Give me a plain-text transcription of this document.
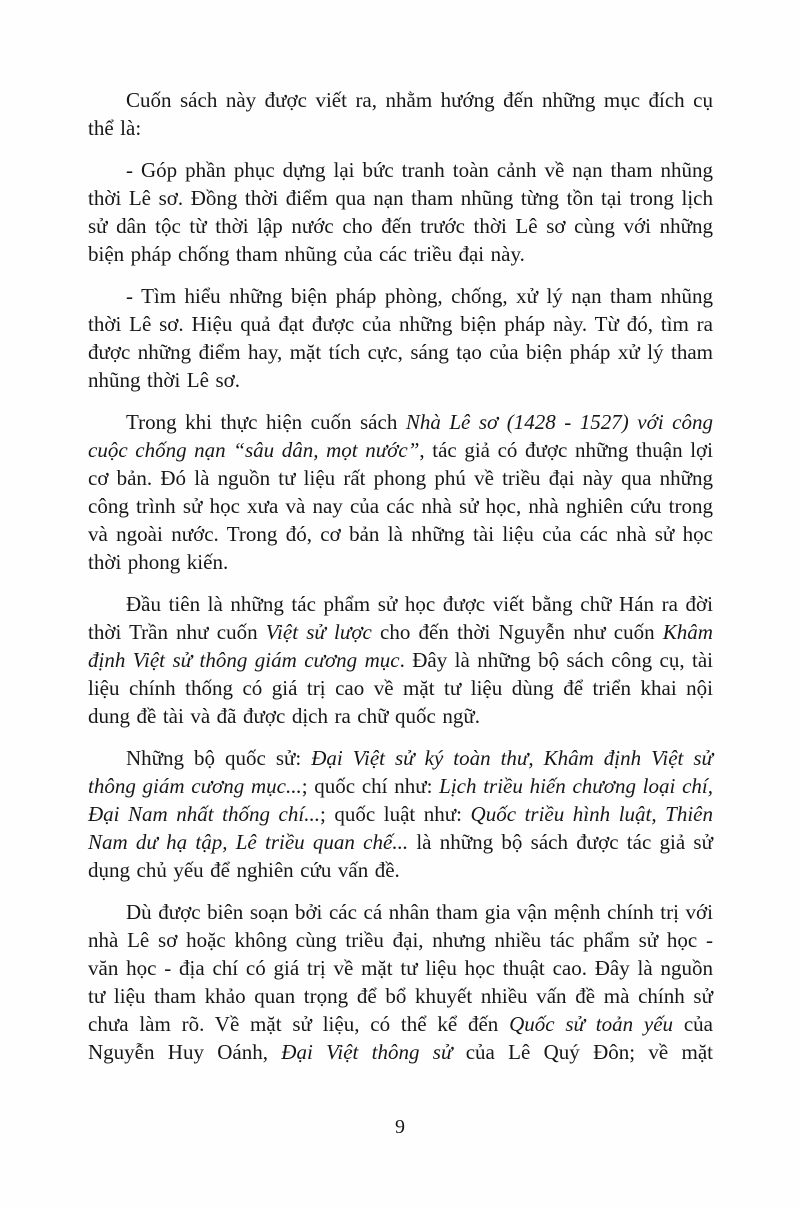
Cuốn sách này được viết ra, nhằm hướng đến những mục đích cụ thể là:

- Góp phần phục dựng lại bức tranh toàn cảnh về nạn tham nhũng thời Lê sơ. Đồng thời điểm qua nạn tham nhũng từng tồn tại trong lịch sử dân tộc từ thời lập nước cho đến trước thời Lê sơ cùng với những biện pháp chống tham nhũng của các triều đại này.

- Tìm hiểu những biện pháp phòng, chống, xử lý nạn tham nhũng thời Lê sơ. Hiệu quả đạt được của những biện pháp này. Từ đó, tìm ra được những điểm hay, mặt tích cực, sáng tạo của biện pháp xử lý tham nhũng thời Lê sơ.

Trong khi thực hiện cuốn sách Nhà Lê sơ (1428 - 1527) với công cuộc chống nạn “sâu dân, mọt nước”, tác giả có được những thuận lợi cơ bản. Đó là nguồn tư liệu rất phong phú về triều đại này qua những công trình sử học xưa và nay của các nhà sử học, nhà nghiên cứu trong và ngoài nước. Trong đó, cơ bản là những tài liệu của các nhà sử học thời phong kiến.

Đầu tiên là những tác phẩm sử học được viết bằng chữ Hán ra đời thời Trần như cuốn Việt sử lược cho đến thời Nguyễn như cuốn Khâm định Việt sử thông giám cương mục. Đây là những bộ sách công cụ, tài liệu chính thống có giá trị cao về mặt tư liệu dùng để triển khai nội dung đề tài và đã được dịch ra chữ quốc ngữ.

Những bộ quốc sử: Đại Việt sử ký toàn thư, Khâm định Việt sử thông giám cương mục...; quốc chí như: Lịch triều hiến chương loại chí, Đại Nam nhất thống chí...; quốc luật như: Quốc triều hình luật, Thiên Nam dư hạ tập, Lê triều quan chế... là những bộ sách được tác giả sử dụng chủ yếu để nghiên cứu vấn đề.

Dù được biên soạn bởi các cá nhân tham gia vận mệnh chính trị với nhà Lê sơ hoặc không cùng triều đại, nhưng nhiều tác phẩm sử học - văn học - địa chí có giá trị về mặt tư liệu học thuật cao. Đây là nguồn tư liệu tham khảo quan trọng để bổ khuyết nhiều vấn đề mà chính sử chưa làm rõ. Về mặt sử liệu, có thể kể đến Quốc sử toản yếu của Nguyễn Huy Oánh, Đại Việt thông sử của Lê Quý Đôn; về mặt

9
